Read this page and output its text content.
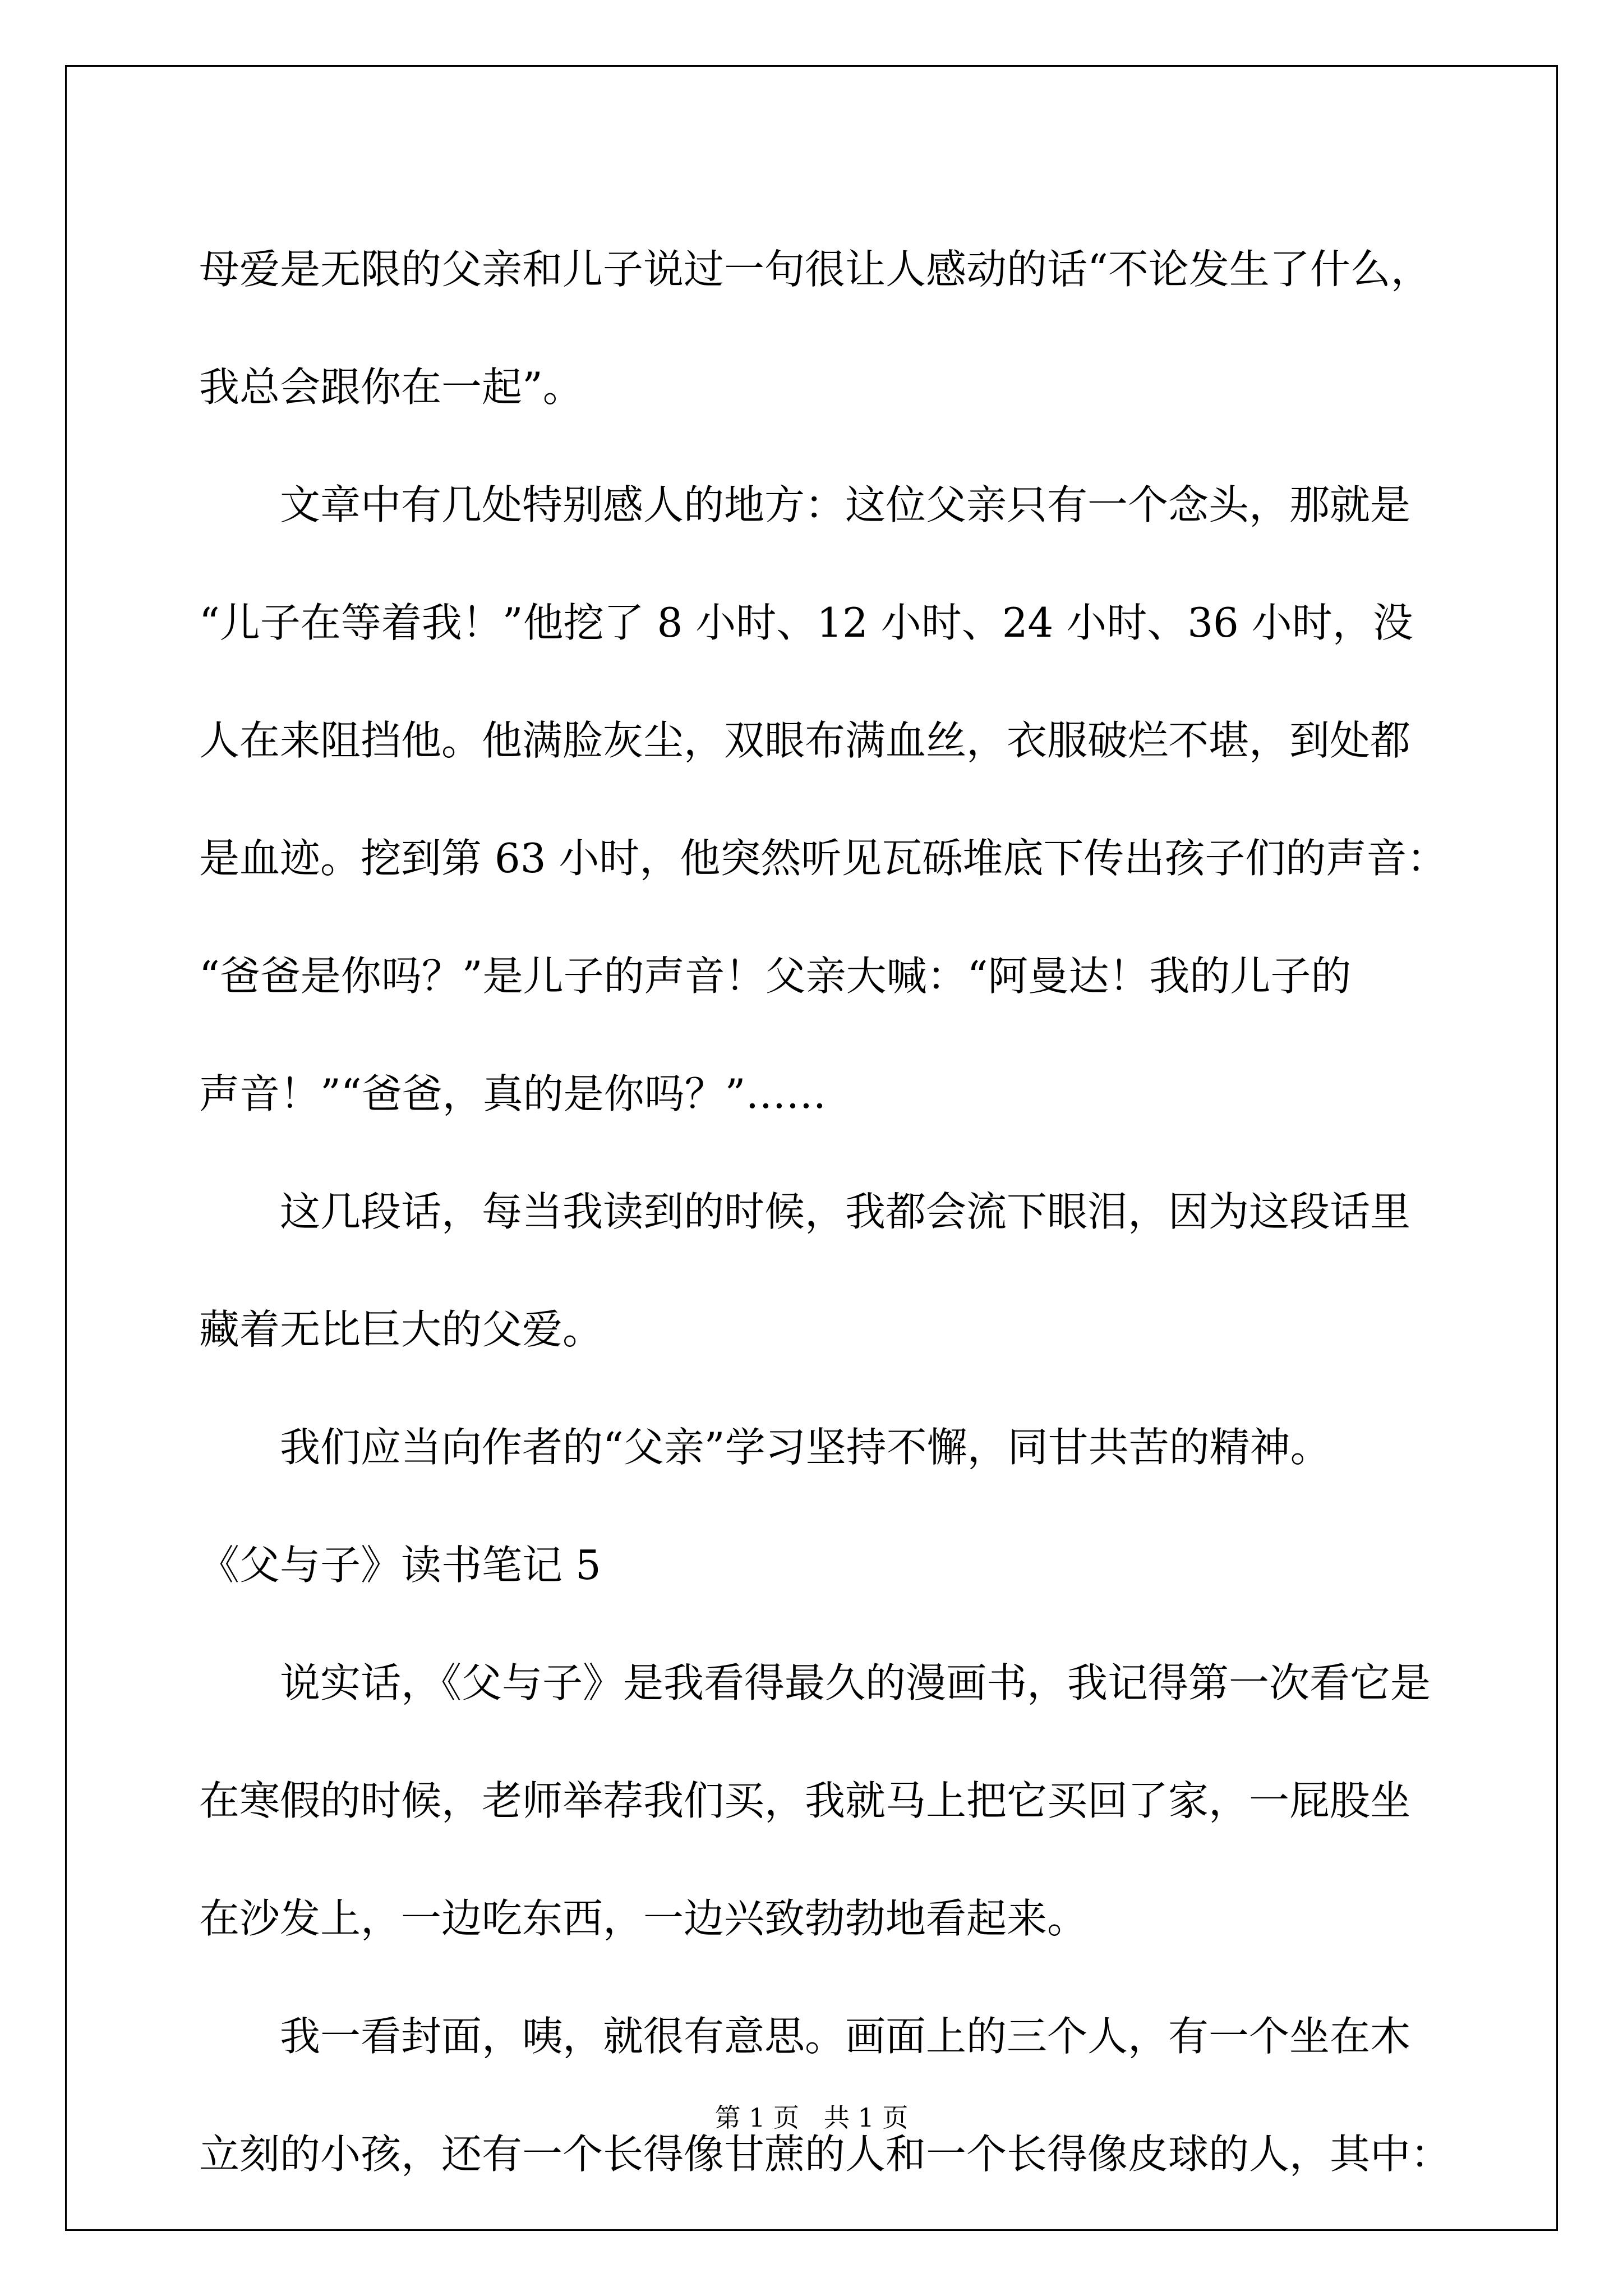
母爱是无限的父亲和儿子说过一句很让人感动的话“不论发生了什么，
我总会跟你在一起”。
文章中有几处特别感人的地方：这位父亲只有一个念头，那就是
“儿子在等着我！”他挖了 8 小时、12 小时、24 小时、36 小时，没
人在来阻挡他。他满脸灰尘，双眼布满血丝，衣服破烂不堪，到处都
是血迹。挖到第 63 小时，他突然听见瓦砾堆底下传出孩子们的声音：
“爸爸是你吗？”是儿子的声音！父亲大喊：“阿曼达！我的儿子的
声音！”“爸爸，真的是你吗？”……
这几段话，每当我读到的时候，我都会流下眼泪，因为这段话里
藏着无比巨大的父爱。
我们应当向作者的“父亲”学习坚持不懈，同甘共苦的精神。
《父与子》读书笔记 5
说实话，《父与子》是我看得最久的漫画书，我记得第一次看它是
在寒假的时候，老师举荐我们买，我就马上把它买回了家，一屁股坐
在沙发上，一边吃东西，一边兴致勃勃地看起来。
我一看封面，咦，就很有意思。画面上的三个人，有一个坐在木
立刻的小孩，还有一个长得像甘蔗的人和一个长得像皮球的人，其中：
第 1 页   共 1 页
